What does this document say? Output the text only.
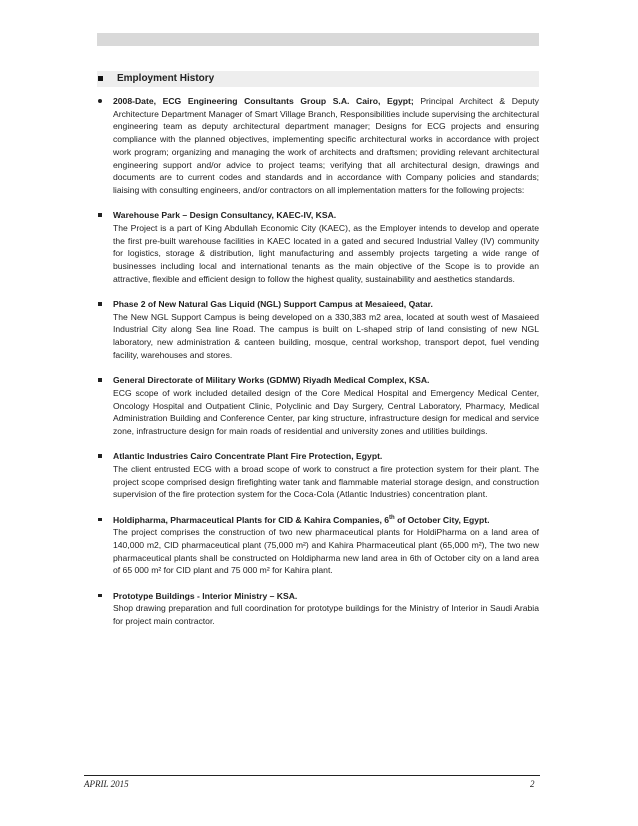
Employment History
2008-Date, ECG Engineering Consultants Group S.A. Cairo, Egypt; Principal Architect & Deputy Architecture Department Manager of Smart Village Branch, Responsibilities include supervising the architectural engineering team as deputy architectural department manager; Designs for ECG projects and ensuring compliance with the planned objectives, implementing specific architectural works in accordance with project work program; organizing and managing the work of architects and draftsmen; providing relevant architectural engineering support and/or advice to project teams; verifying that all architectural design, drawings and documents are to current codes and standards and in accordance with Company policies and standards; liaising with consulting engineers, and/or contractors on all implementation matters for the following projects:
Warehouse Park – Design Consultancy, KAEC-IV, KSA.
The Project is a part of King Abdullah Economic City (KAEC), as the Employer intends to develop and operate the first pre-built warehouse facilities in KAEC located in a gated and secured Industrial Valley (IV) community for logistics, storage & distribution, light manufacturing and assembly projects targeting a wide range of businesses including local and international tenants as the main objective of the Scope is to provide an attractive, flexible and efficient design to follow the highest quality, sustainability and aesthetics standards.
Phase 2 of New Natural Gas Liquid (NGL) Support Campus at Mesaieed, Qatar.
The New NGL Support Campus is being developed on a 330,383 m2 area, located at south west of Masaieed Industrial City along Sea line Road. The campus is built on L-shaped strip of land consisting of new NGL laboratory, new administration & canteen building, mosque, central workshop, transport depot, fuel vending facility, warehouses and stores.
General Directorate of Military Works (GDMW) Riyadh Medical Complex, KSA.
ECG scope of work included detailed design of the Core Medical Hospital and Emergency Medical Center, Oncology Hospital and Outpatient Clinic, Polyclinic and Day Surgery, Central Laboratory, Pharmacy, Medical Administration Building and Conference Center, par king structure, infrastructure design for medical and service zone, infrastructure design for main roads of residential and university zones and utilities buildings.
Atlantic Industries Cairo Concentrate Plant Fire Protection, Egypt.
The client entrusted ECG with a broad scope of work to construct a fire protection system for their plant. The project scope comprised design firefighting water tank and flammable material storage design, and construction supervision of the fire protection system for the Coca-Cola (Atlantic Industries) concentration plant.
Holdipharma, Pharmaceutical Plants for CID & Kahira Companies, 6th of October City, Egypt.
The project comprises the construction of two new pharmaceutical plants for HoldiPharma on a land area of 140,000 m2, CID pharmaceutical plant (75,000 m²) and Kahira Pharmaceutical plant (65,000 m²), The two new pharmaceutical plants shall be constructed on Holdipharma new land area in 6th of October city on a land area of 65 000 m² for CID plant and 75 000 m² for Kahira plant.
Prototype Buildings - Interior Ministry – KSA.
Shop drawing preparation and full coordination for prototype buildings for the Ministry of Interior in Saudi Arabia for project main contractor.
APRIL 2015	2
